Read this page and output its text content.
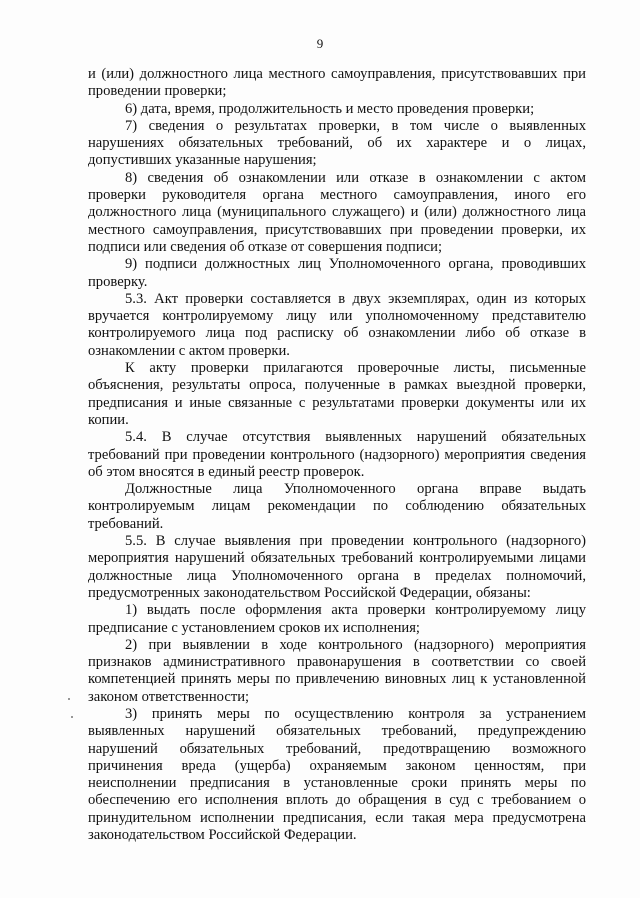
9

и (или) должностного лица местного самоуправления, присутствовавших при проведении проверки;

6) дата, время, продолжительность и место проведения проверки;

7) сведения о результатах проверки, в том числе о выявленных нарушениях обязательных требований, об их характере и о лицах, допустивших указанные нарушения;

8) сведения об ознакомлении или отказе в ознакомлении с актом проверки руководителя органа местного самоуправления, иного его должностного лица (муниципального служащего) и (или) должностного лица местного самоуправления, присутствовавших при проведении проверки, их подписи или сведения об отказе от совершения подписи;

9) подписи должностных лиц Уполномоченного органа, проводивших проверку.

5.3. Акт проверки составляется в двух экземплярах, один из которых вручается контролируемому лицу или уполномоченному представителю контролируемого лица под расписку об ознакомлении либо об отказе в ознакомлении с актом проверки.

К акту проверки прилагаются проверочные листы, письменные объяснения, результаты опроса, полученные в рамках выездной проверки, предписания и иные связанные с результатами проверки документы или их копии.

5.4. В случае отсутствия выявленных нарушений обязательных требований при проведении контрольного (надзорного) мероприятия сведения об этом вносятся в единый реестр проверок.

Должностные лица Уполномоченного органа вправе выдать контролируемым лицам рекомендации по соблюдению обязательных требований.

5.5. В случае выявления при проведении контрольного (надзорного) мероприятия нарушений обязательных требований контролируемыми лицами должностные лица Уполномоченного органа в пределах полномочий, предусмотренных законодательством Российской Федерации, обязаны:

1) выдать после оформления акта проверки контролируемому лицу предписание с установлением сроков их исполнения;

2) при выявлении в ходе контрольного (надзорного) мероприятия признаков административного правонарушения в соответствии со своей компетенцией принять меры по привлечению виновных лиц к установленной законом ответственности;

3) принять меры по осуществлению контроля за устранением выявленных нарушений обязательных требований, предупреждению нарушений обязательных требований, предотвращению возможного причинения вреда (ущерба) охраняемым законом ценностям, при неисполнении предписания в установленные сроки принять меры по обеспечению его исполнения вплоть до обращения в суд с требованием о принудительном исполнении предписания, если такая мера предусмотрена законодательством Российской Федерации.
